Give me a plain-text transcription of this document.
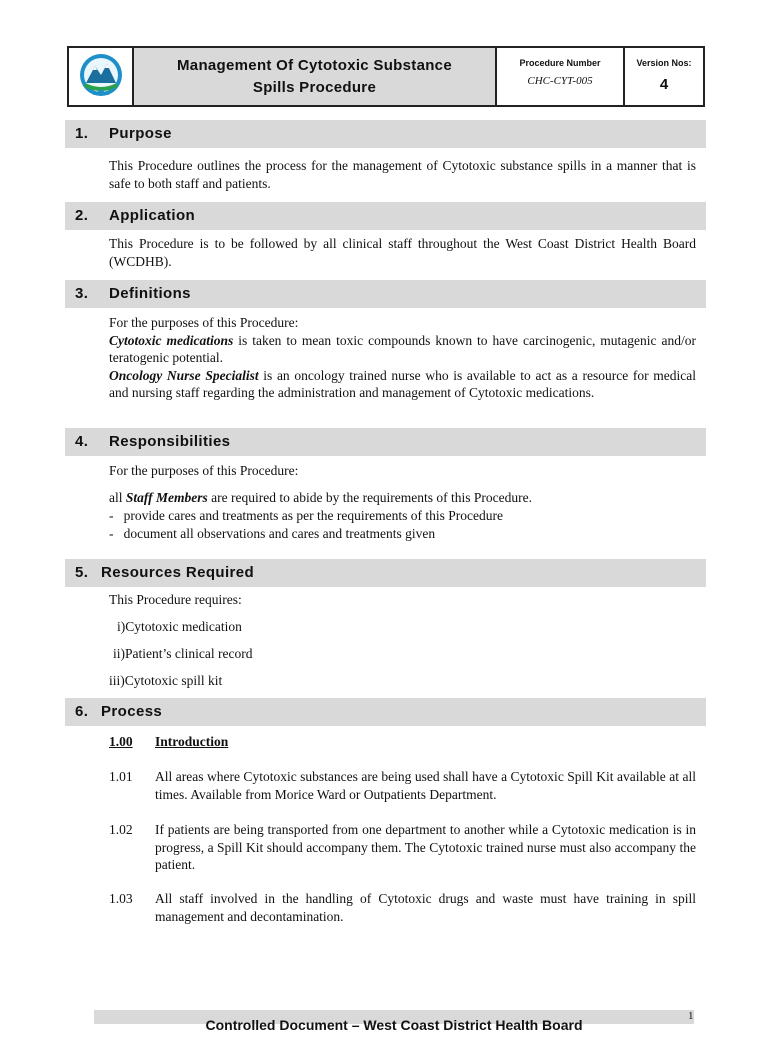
Management Of Cytotoxic Substance
Spills Procedure
Procedure Number
CHC-CYT-005
Version Nos:
4
1. Purpose
This Procedure outlines the process for the management of Cytotoxic substance spills in a manner that is safe to both staff and patients.
2. Application
This Procedure is to be followed by all clinical staff throughout the West Coast District Health Board (WCDHB).
3. Definitions
For the purposes of this Procedure:
Cytotoxic medications is taken to mean toxic compounds known to have carcinogenic, mutagenic and/or teratogenic potential.
Oncology Nurse Specialist is an oncology trained nurse who is available to act as a resource for medical and nursing staff regarding the administration and management of Cytotoxic medications.
4. Responsibilities
For the purposes of this Procedure:
all Staff Members are required to abide by the requirements of this Procedure.
-   provide cares and treatments as per the requirements of this Procedure
-   document all observations and cares and treatments given
5. Resources Required
This Procedure requires:
i)Cytotoxic medication
ii)Patient’s clinical record
iii)Cytotoxic spill kit
6. Process
1.00 Introduction
1.01 All areas where Cytotoxic substances are being used shall have a Cytotoxic Spill Kit available at all times. Available from Morice Ward or Outpatients Department.
1.02 If patients are being transported from one department to another while a Cytotoxic medication is in progress, a Spill Kit should accompany them. The Cytotoxic trained nurse must also accompany the patient.
1.03 All staff involved in the handling of Cytotoxic drugs and waste must have training in spill management and decontamination.
Controlled Document – West Coast District Health Board
1
